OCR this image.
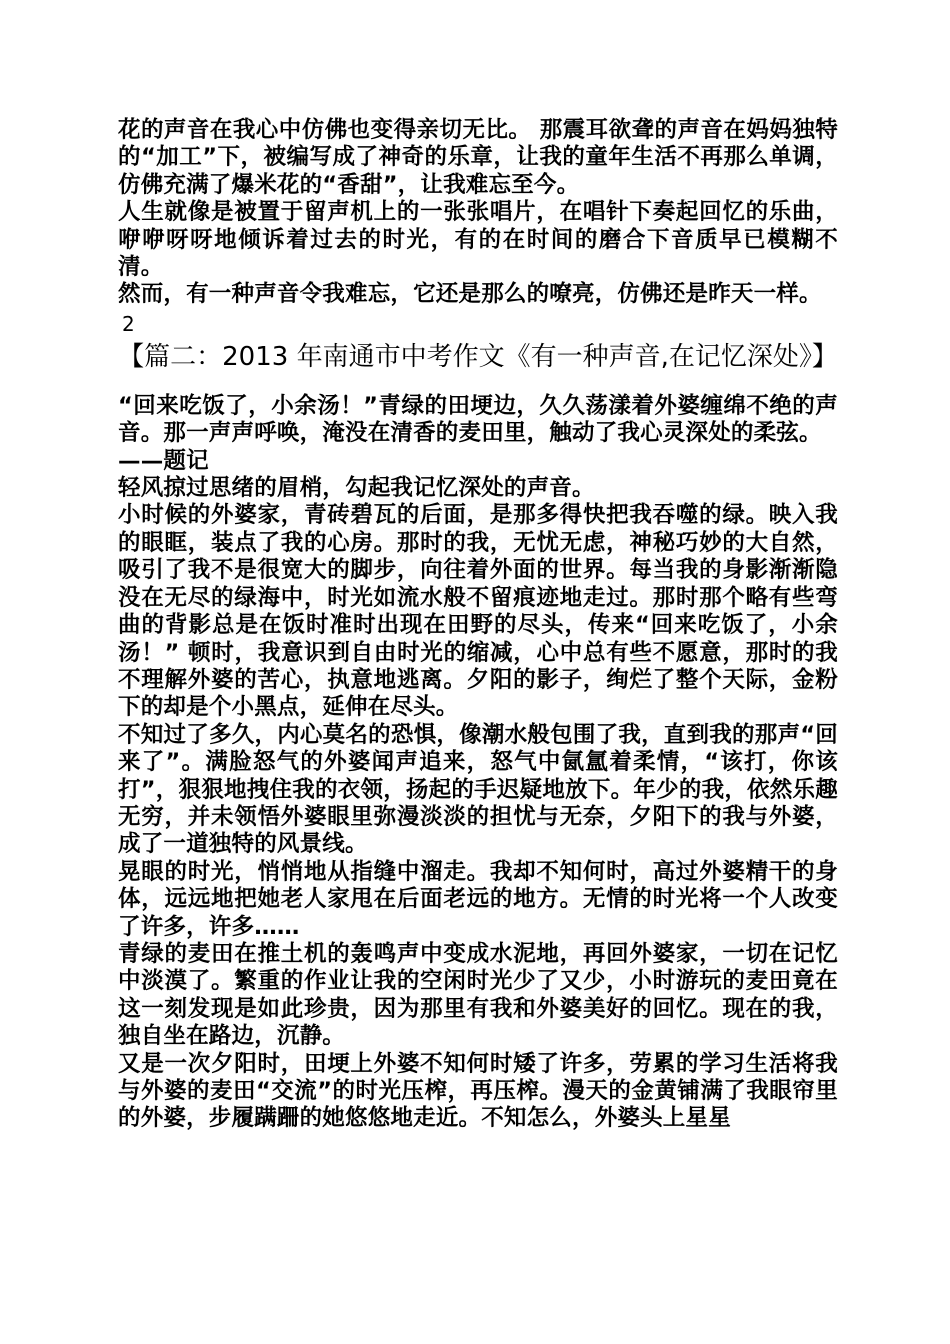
花的声音在我心中仿佛也变得亲切无比。 那震耳欲聋的声音在妈妈独特的“加工”下，被编写成了神奇的乐章，让我的童年生活不再那么单调，仿佛充满了爆米花的“香甜”，让我难忘至今。

人生就像是被置于留声机上的一张张唱片，在唱针下奏起回忆的乐曲，咿咿呀呀地倾诉着过去的时光，有的在时间的磨合下音质早已模糊不清。

然而，有一种声音令我难忘，它还是那么的嘹亮，仿佛还是昨天一样。

2

【篇二：2013 年南通市中考作文《有一种声音,在记忆深处》】

“回来吃饭了，小余汤！”青绿的田埂边，久久荡漾着外婆缠绵不绝的声音。那一声声呼唤，淹没在清香的麦田里，触动了我心灵深处的柔弦。

——题记

轻风掠过思绪的眉梢，勾起我记忆深处的声音。

小时候的外婆家，青砖碧瓦的后面，是那多得快把我吞噬的绿。映入我的眼眶，装点了我的心房。那时的我，无忧无虑，神秘巧妙的大自然，吸引了我不是很宽大的脚步，向往着外面的世界。每当我的身影渐渐隐没在无尽的绿海中，时光如流水般不留痕迹地走过。那时那个略有些弯曲的背影总是在饭时准时出现在田野的尽头，传来“回来吃饭了，小余汤！” 顿时，我意识到自由时光的缩减，心中总有些不愿意，那时的我不理解外婆的苦心，执意地逃离。夕阳的影子，绚烂了整个天际，金粉下的却是个小黑点，延伸在尽头。

不知过了多久，内心莫名的恐惧，像潮水般包围了我，直到我的那声“回来了”。满脸怒气的外婆闻声追来，怒气中氤氲着柔情，“该打，你该打”，狠狠地拽住我的衣领，扬起的手迟疑地放下。年少的我，依然乐趣无穷，并未领悟外婆眼里弥漫淡淡的担忧与无奈，夕阳下的我与外婆，成了一道独特的风景线。

晃眼的时光，悄悄地从指缝中溜走。我却不知何时，高过外婆精干的身体，远远地把她老人家甩在后面老远的地方。无情的时光将一个人改变了许多，许多……

青绿的麦田在推土机的轰鸣声中变成水泥地，再回外婆家，一切在记忆中淡漠了。繁重的作业让我的空闲时光少了又少，小时游玩的麦田竟在这一刻发现是如此珍贵，因为那里有我和外婆美好的回忆。现在的我，独自坐在路边，沉静。

又是一次夕阳时，田埂上外婆不知何时矮了许多，劳累的学习生活将我与外婆的麦田“交流”的时光压榨，再压榨。漫天的金黄铺满了我眼帘里的外婆，步履蹒跚的她悠悠地走近。不知怎么，外婆头上星星
